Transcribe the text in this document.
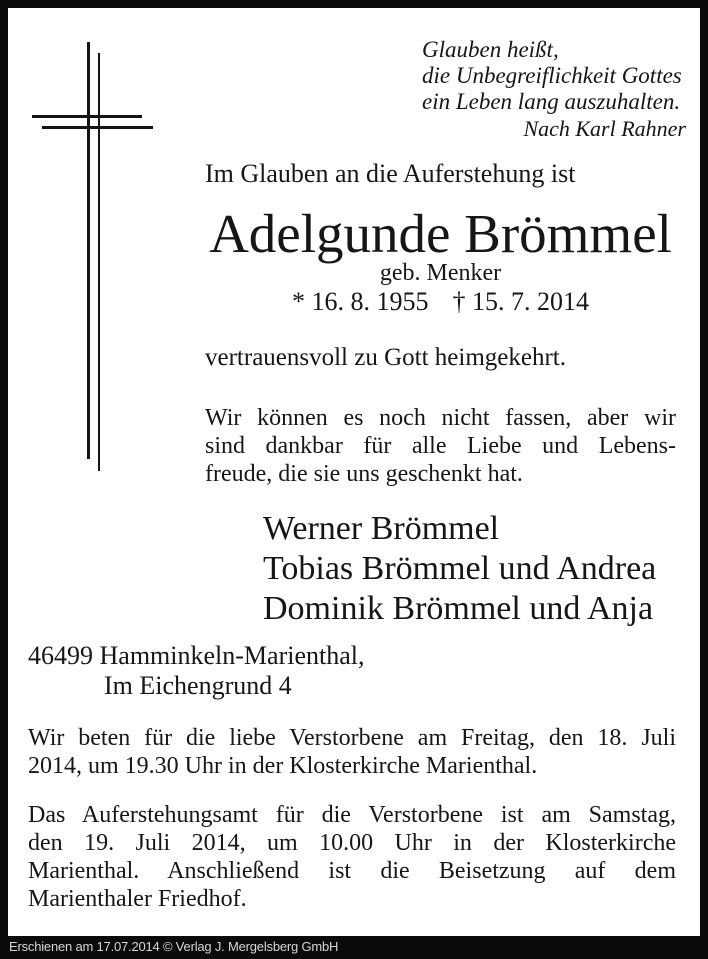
Glauben heißt,
die Unbegreiflichkeit Gottes
ein Leben lang auszuhalten.
Nach Karl Rahner
Im Glauben an die Auferstehung ist
Adelgunde Brömmel
geb. Menker
* 16. 8. 1955 † 15. 7. 2014
vertrauensvoll zu Gott heimgekehrt.
Wir können es noch nicht fassen, aber wir
sind dankbar für alle Liebe und Lebens-
freude, die sie uns geschenkt hat.
Werner Brömmel
Tobias Brömmel und Andrea
Dominik Brömmel und Anja
46499 Hamminkeln-Marienthal,
Im Eichengrund 4
Wir beten für die liebe Verstorbene am Freitag, den 18. Juli
2014, um 19.30 Uhr in der Klosterkirche Marienthal.
Das Auferstehungsamt für die Verstorbene ist am Samstag,
den 19. Juli 2014, um 10.00 Uhr in der Klosterkirche
Marienthal. Anschließend ist die Beisetzung auf dem
Marienthaler Friedhof.
Erschienen am 17.07.2014 © Verlag J. Mergelsberg GmbH
